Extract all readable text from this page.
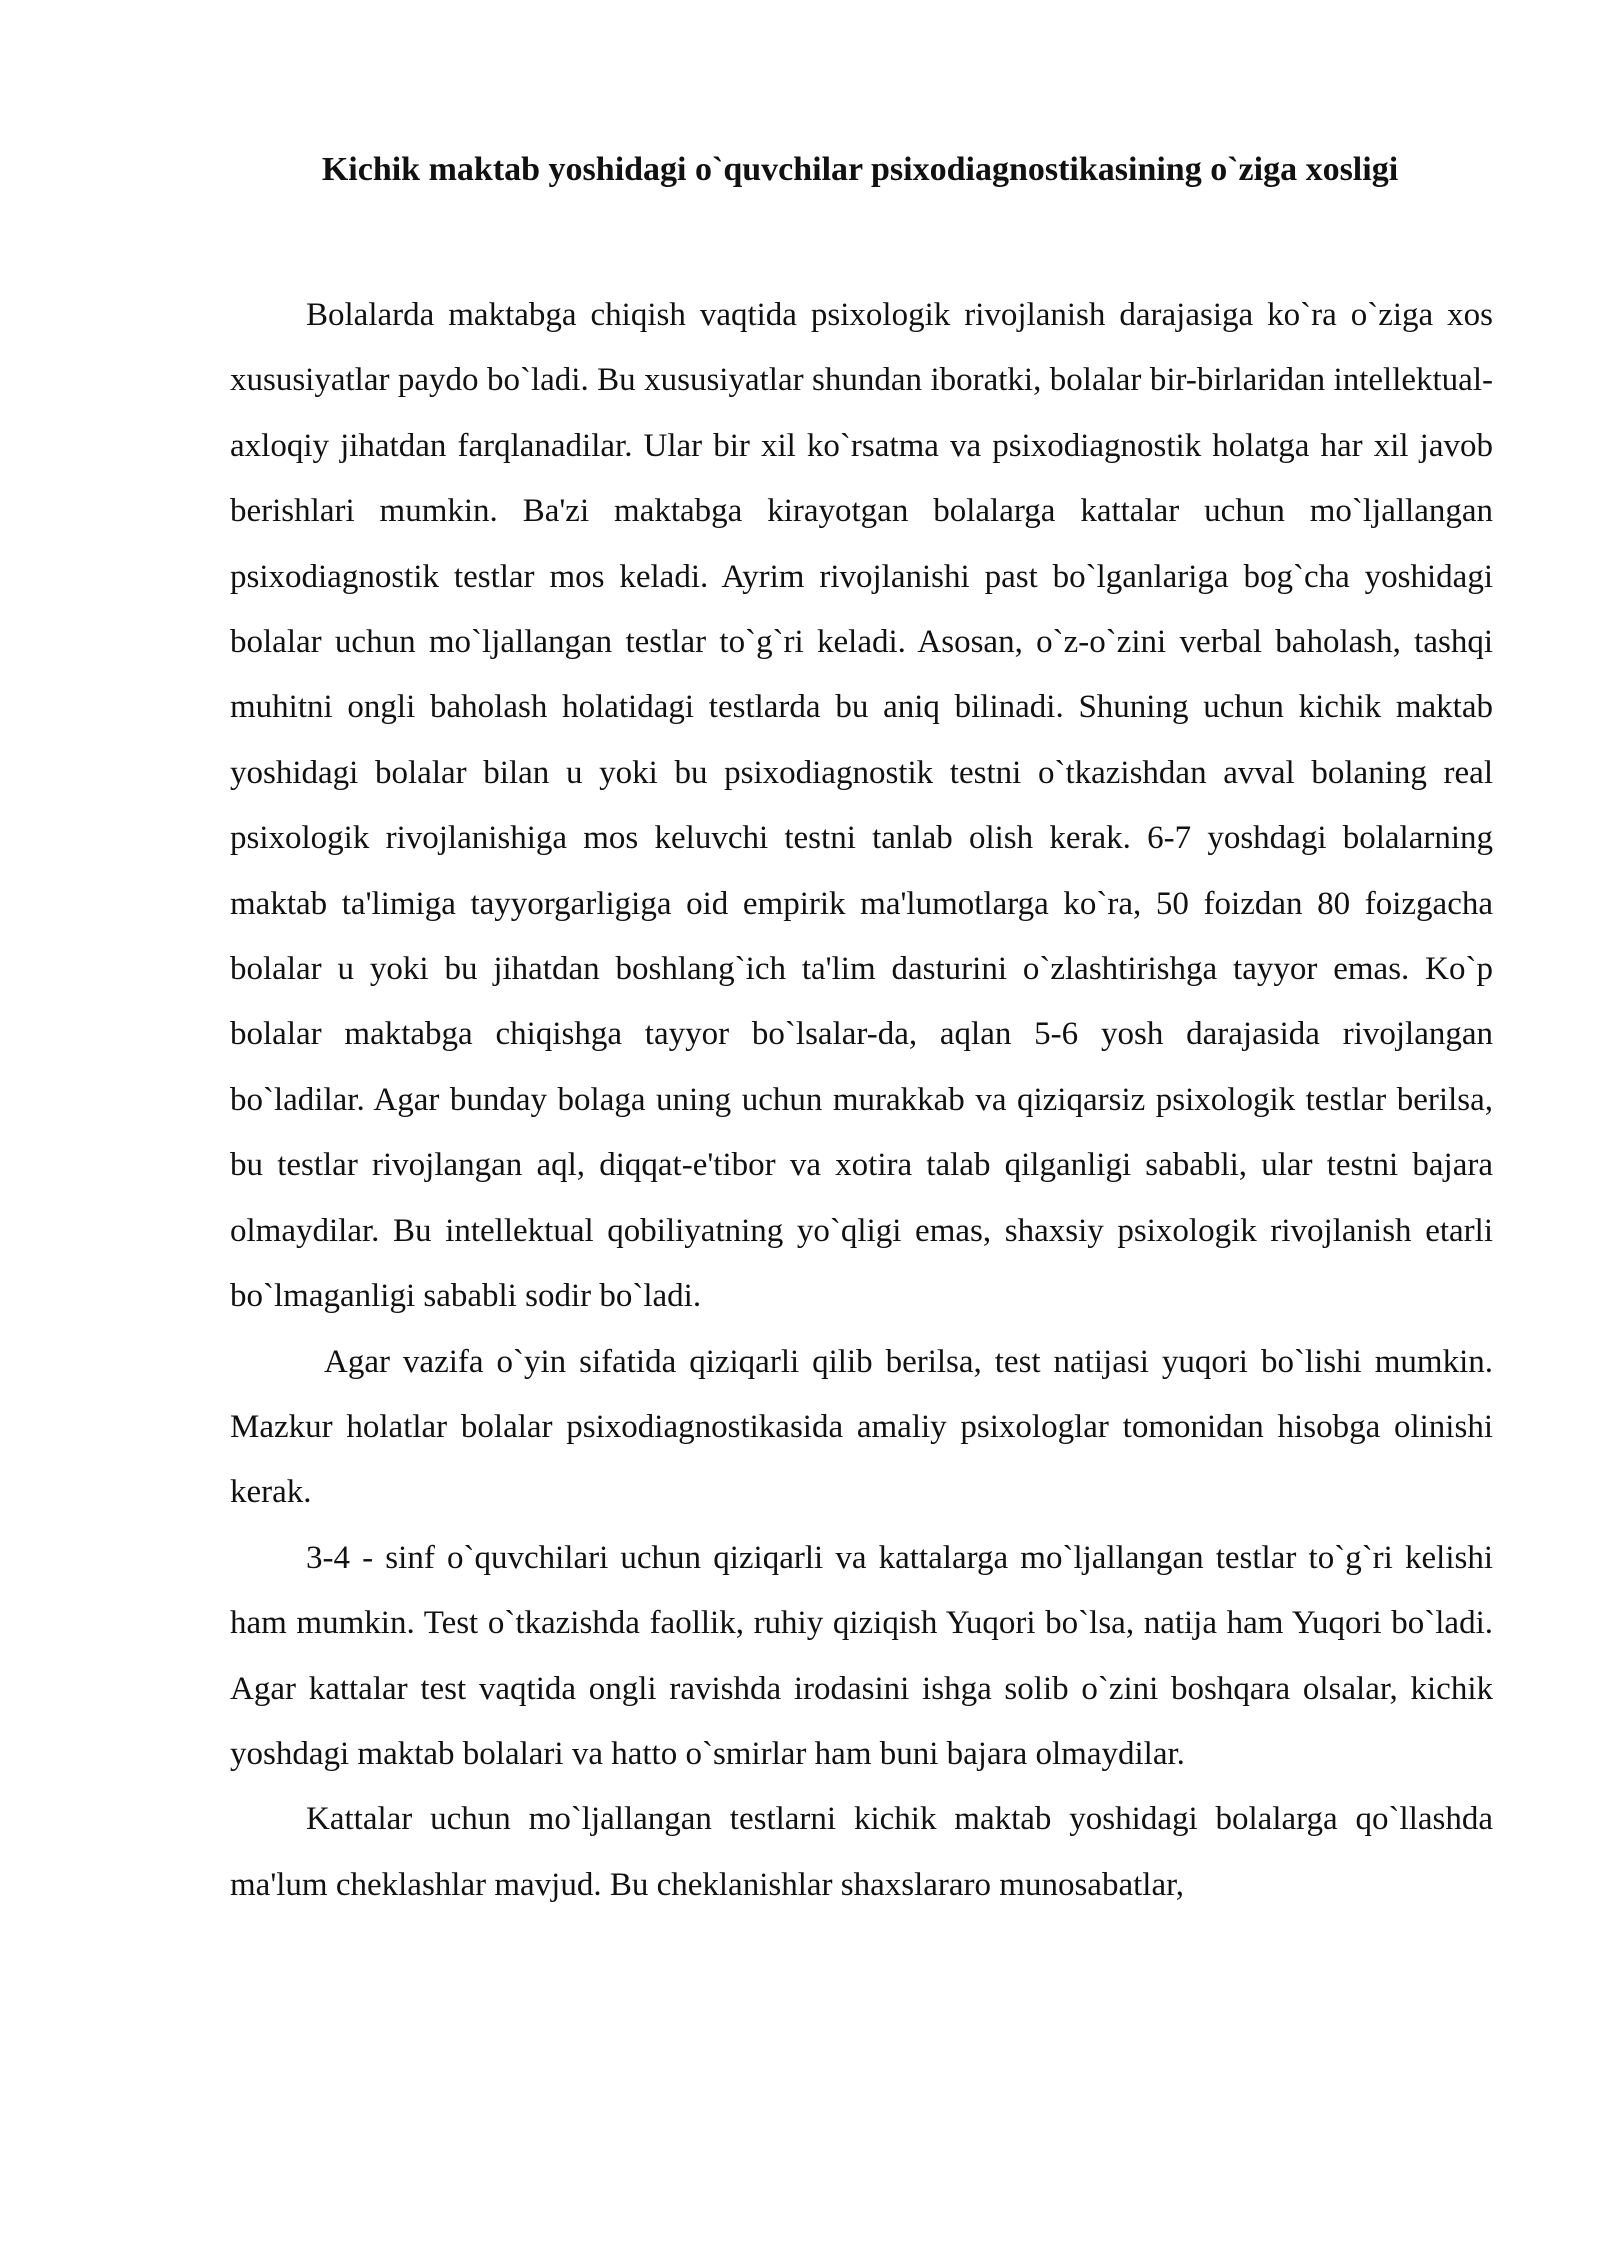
Kichik maktab yoshidagi o`quvchilar psixodiagnostikasining o`ziga xosligi

Bolalarda maktabga chiqish vaqtida psixologik rivojlanish darajasiga ko`ra o`ziga xos xususiyatlar paydo bo`ladi. Bu xususiyatlar shundan iboratki, bolalar bir-birlaridan intellektual-axloqiy jihatdan farqlanadilar. Ular bir xil ko`rsatma va psixodiagnostik holatga har xil javob berishlari mumkin. Ba'zi maktabga kirayotgan bolalarga kattalar uchun mo`ljallangan psixodiagnostik testlar mos keladi. Ayrim rivojlanishi past bo`lganlariga bog`cha yoshidagi bolalar uchun mo`ljallangan testlar to`g`ri keladi. Asosan, o`z-o`zini verbal baholash, tashqi muhitni ongli baholash holatidagi testlarda bu aniq bilinadi. Shuning uchun kichik maktab yoshidagi bolalar bilan u yoki bu psixodiagnostik testni o`tkazishdan avval bolaning real psixologik rivojlanishiga mos keluvchi testni tanlab olish kerak. 6-7 yoshdagi bolalarning maktab ta'limiga tayyorgarligiga oid empirik ma'lumotlarga ko`ra, 50 foizdan 80 foizgacha bolalar u yoki bu jihatdan boshlang`ich ta'lim dasturini o`zlashtirishga tayyor emas. Ko`p bolalar maktabga chiqishga tayyor bo`lsalar-da, aqlan 5-6 yosh darajasida rivojlangan bo`ladilar. Agar bunday bolaga uning uchun murakkab va qiziqarsiz psixologik testlar berilsa, bu testlar rivojlangan aql, diqqat-e'tibor va xotira talab qilganligi sababli, ular testni bajara olmaydilar. Bu intellektual qobiliyatning yo`qligi emas, shaxsiy psixologik rivojlanish etarli bo`lmaganligi sababli sodir bo`ladi.

Agar vazifa o`yin sifatida qiziqarli qilib berilsa, test natijasi yuqori bo`lishi mumkin. Mazkur holatlar bolalar psixodiagnostikasida amaliy psixologlar tomonidan hisobga olinishi kerak.

3-4 - sinf o`quvchilari uchun qiziqarli va kattalarga mo`ljallangan testlar to`g`ri kelishi ham mumkin. Test o`tkazishda faollik, ruhiy qiziqish Yuqori bo`lsa, natija ham Yuqori bo`ladi. Agar kattalar test vaqtida ongli ravishda irodasini ishga solib o`zini boshqara olsalar, kichik yoshdagi maktab bolalari va hatto o`smirlar ham buni bajara olmaydilar.

Kattalar uchun mo`ljallangan testlarni kichik maktab yoshidagi bolalarga qo`llashda ma'lum cheklashlar mavjud. Bu cheklanishlar shaxslararo munosabatlar,
